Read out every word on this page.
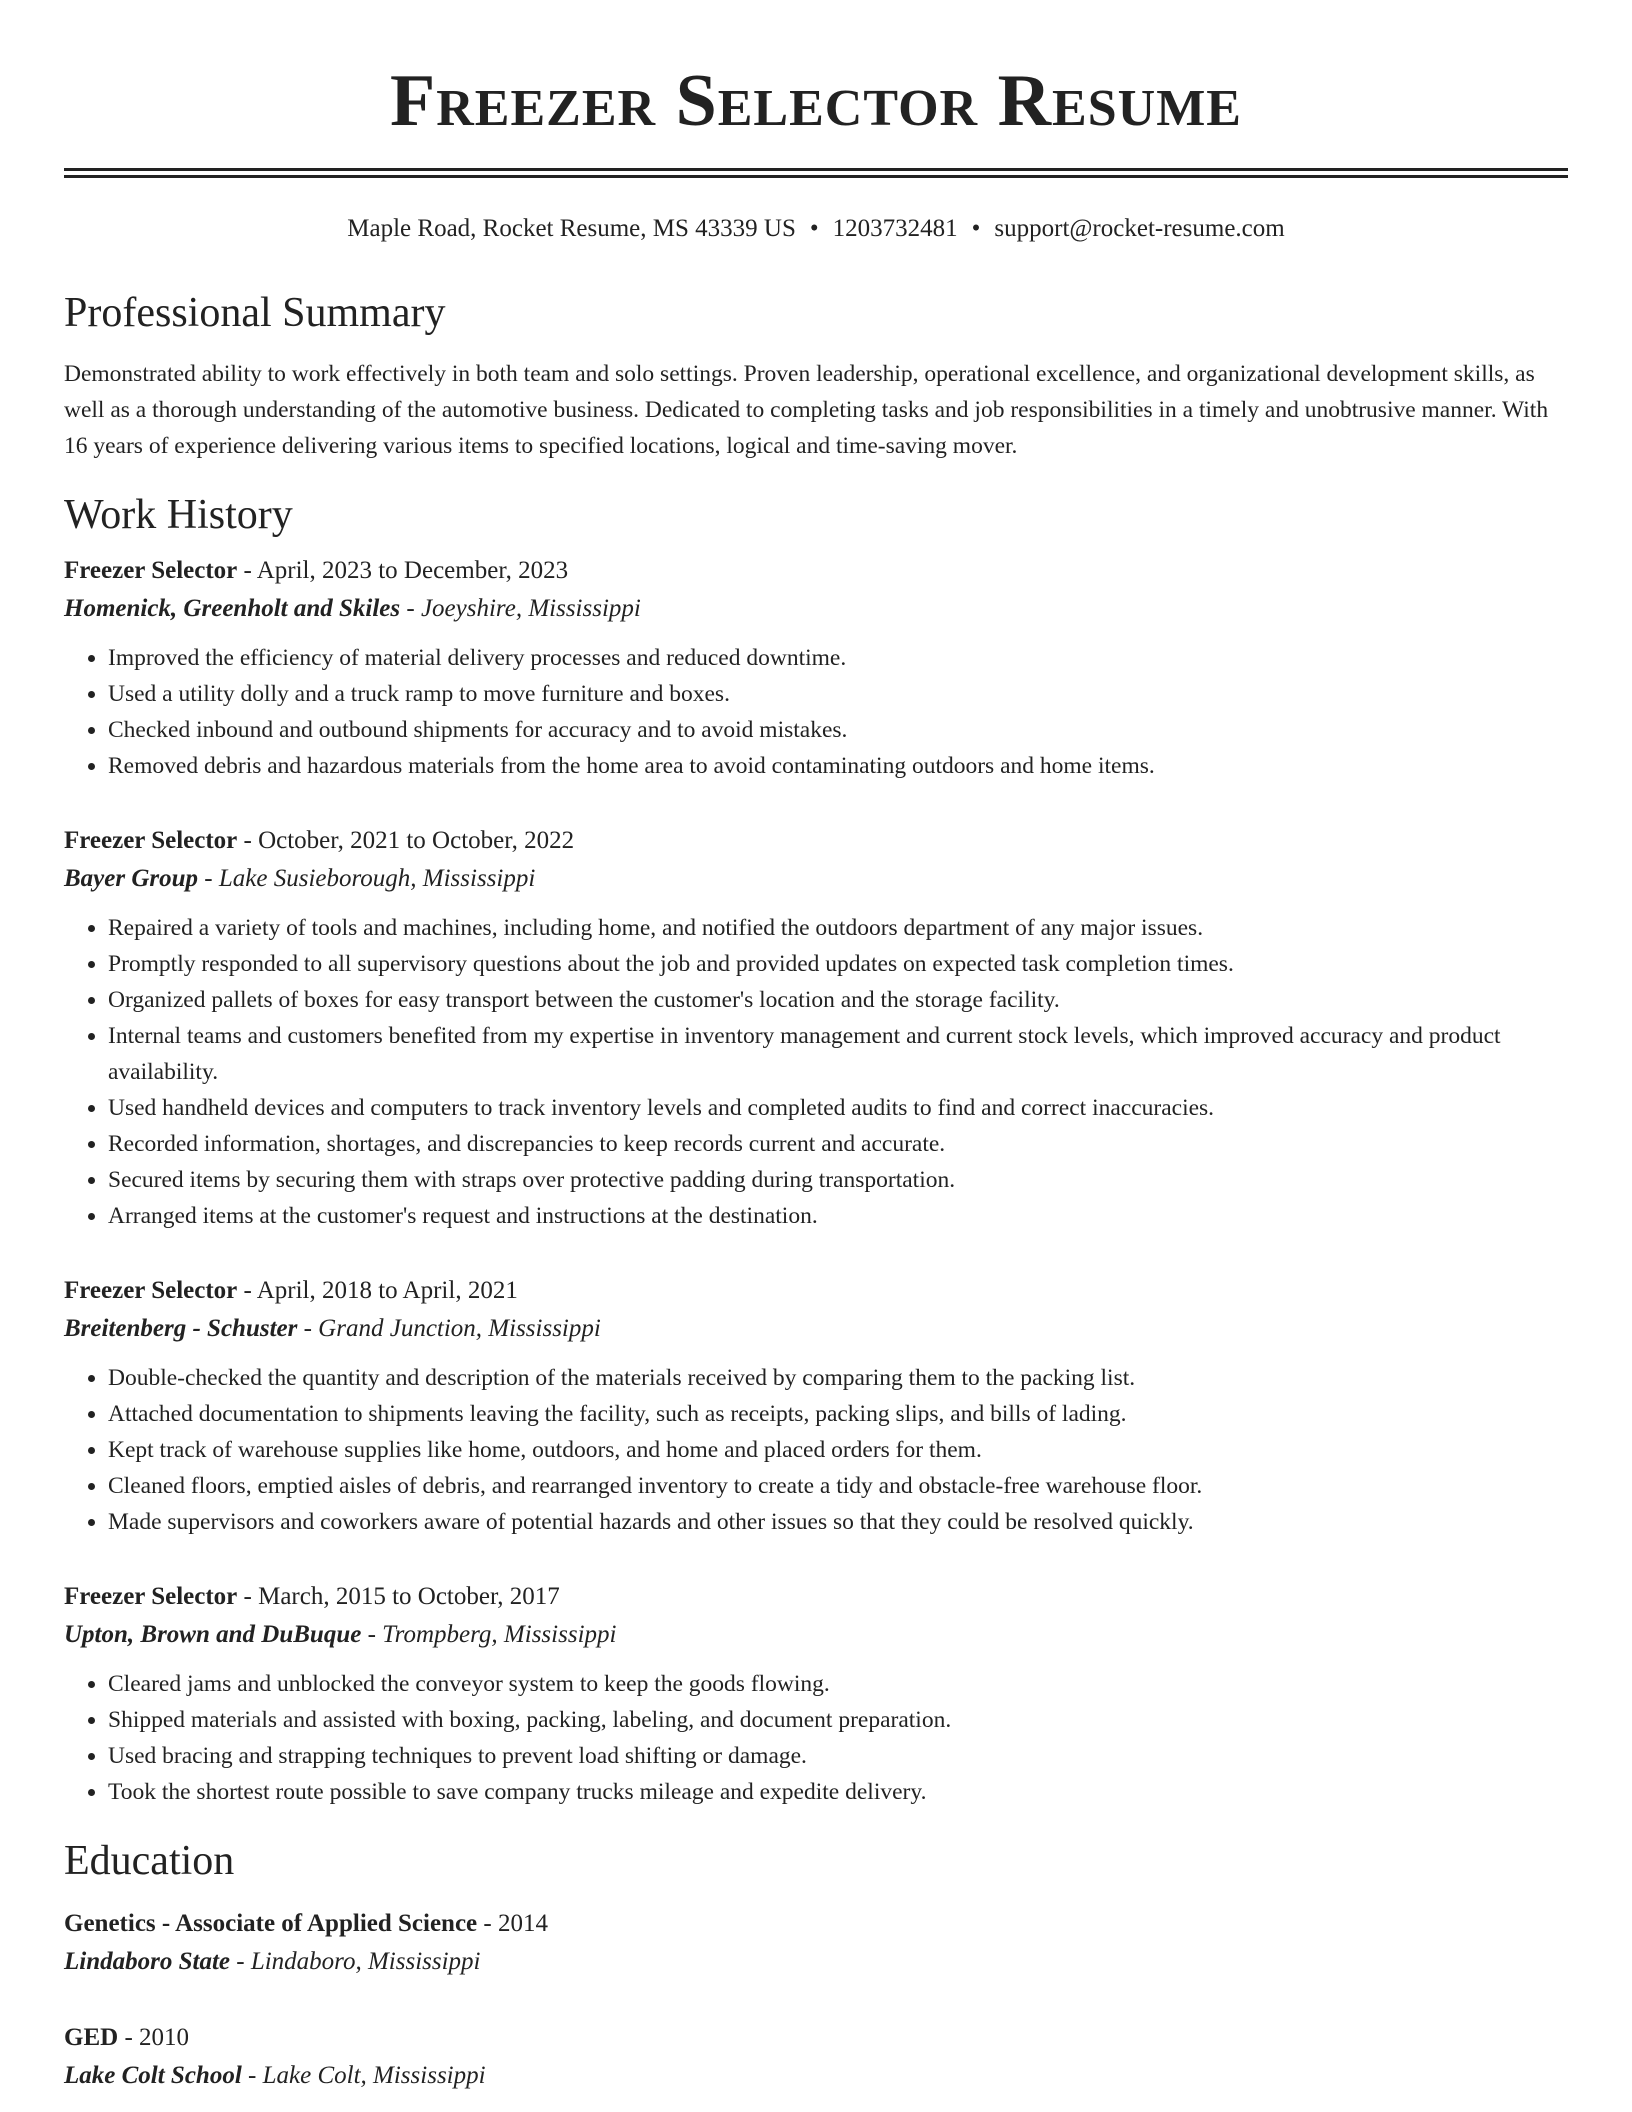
Freezer Selector Resume
Maple Road, Rocket Resume, MS 43339 US • 1203732481 • support@rocket-resume.com
Professional Summary

Demonstrated ability to work effectively in both team and solo settings. Proven leadership, operational excellence, and organizational development skills, as well as a thorough understanding of the automotive business. Dedicated to completing tasks and job responsibilities in a timely and unobtrusive manner. With 16 years of experience delivering various items to specified locations, logical and time-saving mover.

Work History
Freezer Selector - April, 2023 to December, 2023
Homenick, Greenholt and Skiles - Joeyshire, Mississippi
• Improved the efficiency of material delivery processes and reduced downtime.
• Used a utility dolly and a truck ramp to move furniture and boxes.
• Checked inbound and outbound shipments for accuracy and to avoid mistakes.
• Removed debris and hazardous materials from the home area to avoid contaminating outdoors and home items.
Freezer Selector - October, 2021 to October, 2022
Bayer Group - Lake Susieborough, Mississippi
• Repaired a variety of tools and machines, including home, and notified the outdoors department of any major issues.
• Promptly responded to all supervisory questions about the job and provided updates on expected task completion times.
• Organized pallets of boxes for easy transport between the customer's location and the storage facility.
• Internal teams and customers benefited from my expertise in inventory management and current stock levels, which improved accuracy and product availability.
• Used handheld devices and computers to track inventory levels and completed audits to find and correct inaccuracies.
• Recorded information, shortages, and discrepancies to keep records current and accurate.
• Secured items by securing them with straps over protective padding during transportation.
• Arranged items at the customer's request and instructions at the destination.
Freezer Selector - April, 2018 to April, 2021
Breitenberg - Schuster - Grand Junction, Mississippi
• Double-checked the quantity and description of the materials received by comparing them to the packing list.
• Attached documentation to shipments leaving the facility, such as receipts, packing slips, and bills of lading.
• Kept track of warehouse supplies like home, outdoors, and home and placed orders for them.
• Cleaned floors, emptied aisles of debris, and rearranged inventory to create a tidy and obstacle-free warehouse floor.
• Made supervisors and coworkers aware of potential hazards and other issues so that they could be resolved quickly.
Freezer Selector - March, 2015 to October, 2017
Upton, Brown and DuBuque - Trompberg, Mississippi
• Cleared jams and unblocked the conveyor system to keep the goods flowing.
• Shipped materials and assisted with boxing, packing, labeling, and document preparation.
• Used bracing and strapping techniques to prevent load shifting or damage.
• Took the shortest route possible to save company trucks mileage and expedite delivery.
Education
Genetics - Associate of Applied Science - 2014
Lindaboro State - Lindaboro, Mississippi
GED - 2010
Lake Colt School - Lake Colt, Mississippi
